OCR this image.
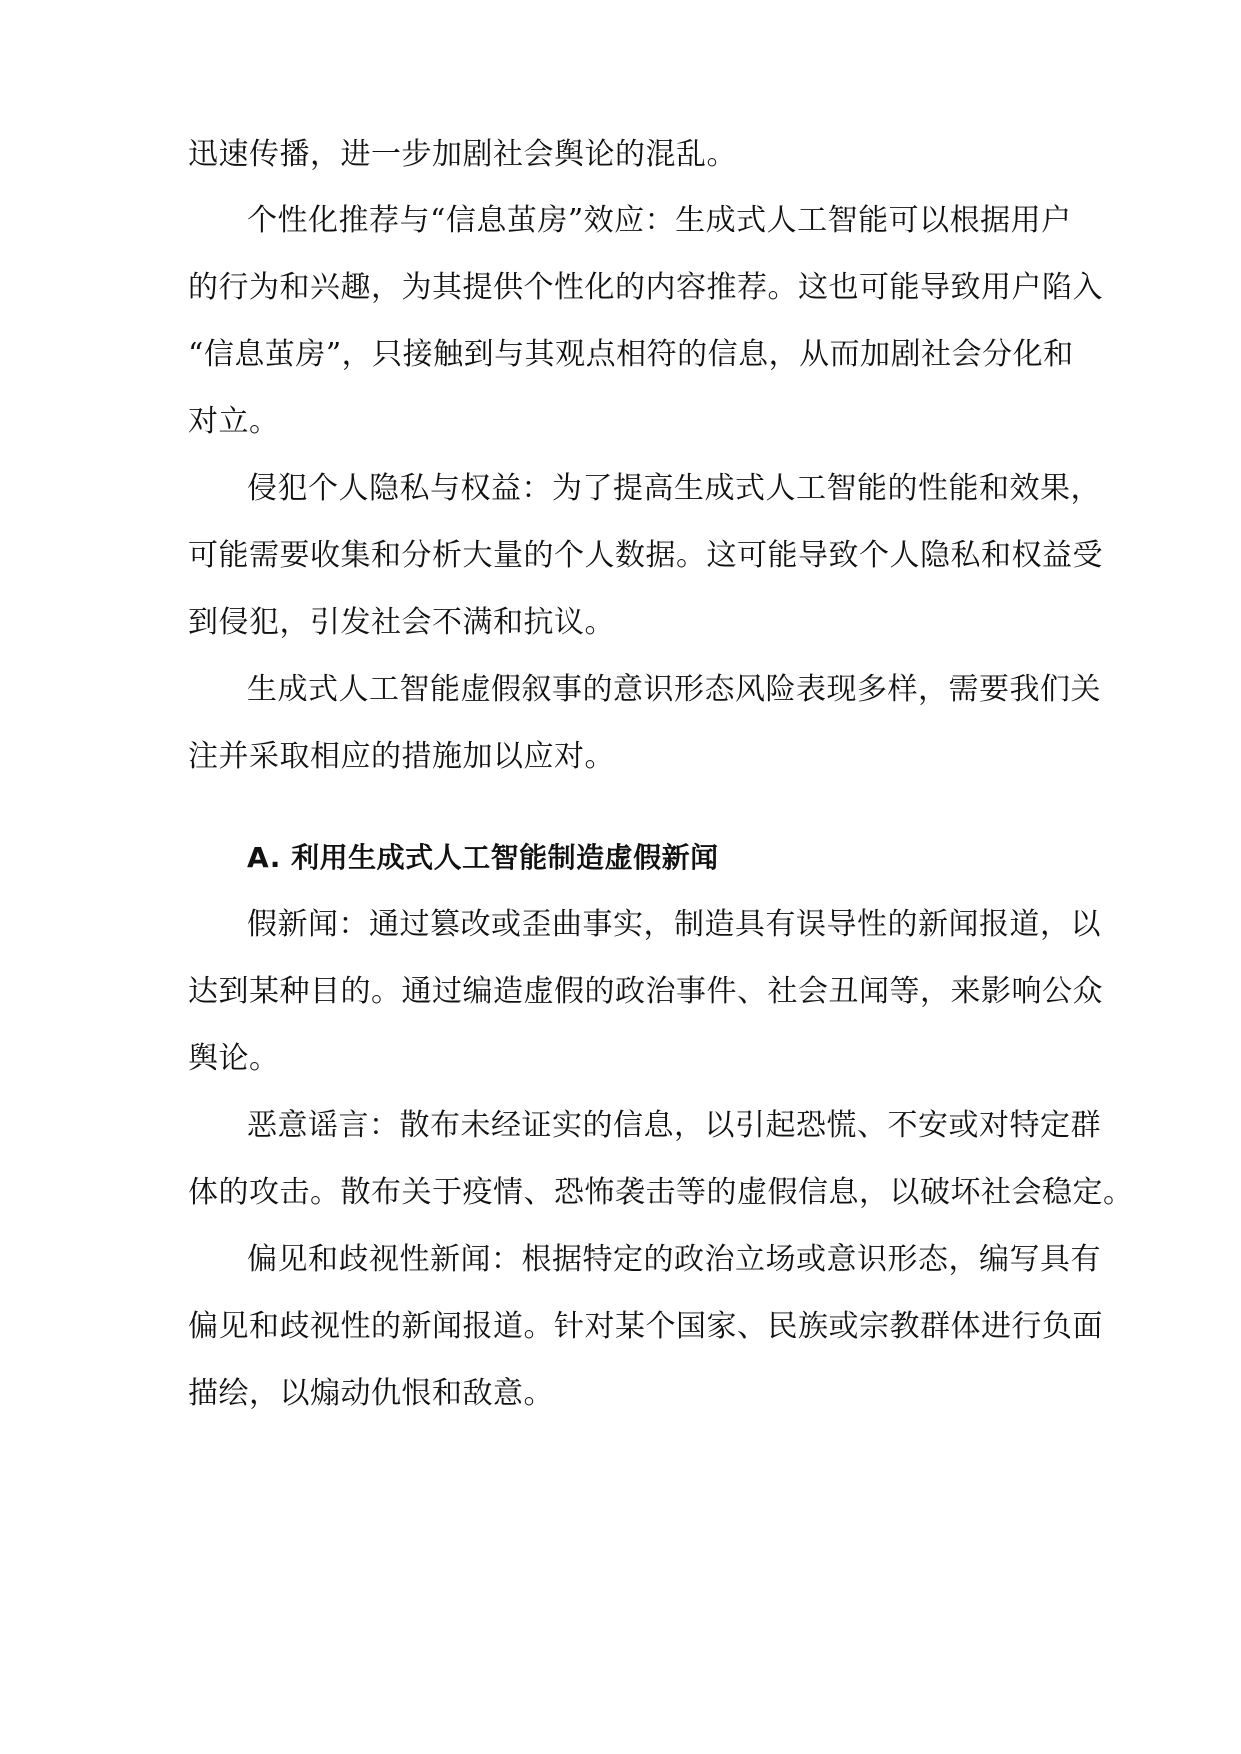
迅速传播，进一步加剧社会舆论的混乱。
个性化推荐与“信息茧房”效应：生成式人工智能可以根据用户
的行为和兴趣，为其提供个性化的内容推荐。这也可能导致用户陷入
“信息茧房”，只接触到与其观点相符的信息，从而加剧社会分化和
对立。
侵犯个人隐私与权益：为了提高生成式人工智能的性能和效果，
可能需要收集和分析大量的个人数据。这可能导致个人隐私和权益受
到侵犯，引发社会不满和抗议。
生成式人工智能虚假叙事的意识形态风险表现多样，需要我们关
注并采取相应的措施加以应对。
A. 利用生成式人工智能制造虚假新闻
假新闻：通过篡改或歪曲事实，制造具有误导性的新闻报道，以
达到某种目的。通过编造虚假的政治事件、社会丑闻等，来影响公众
舆论。
恶意谣言：散布未经证实的信息，以引起恐慌、不安或对特定群
体的攻击。散布关于疫情、恐怖袭击等的虚假信息，以破坏社会稳定。
偏见和歧视性新闻：根据特定的政治立场或意识形态，编写具有
偏见和歧视性的新闻报道。针对某个国家、民族或宗教群体进行负面
描绘，以煽动仇恨和敌意。
